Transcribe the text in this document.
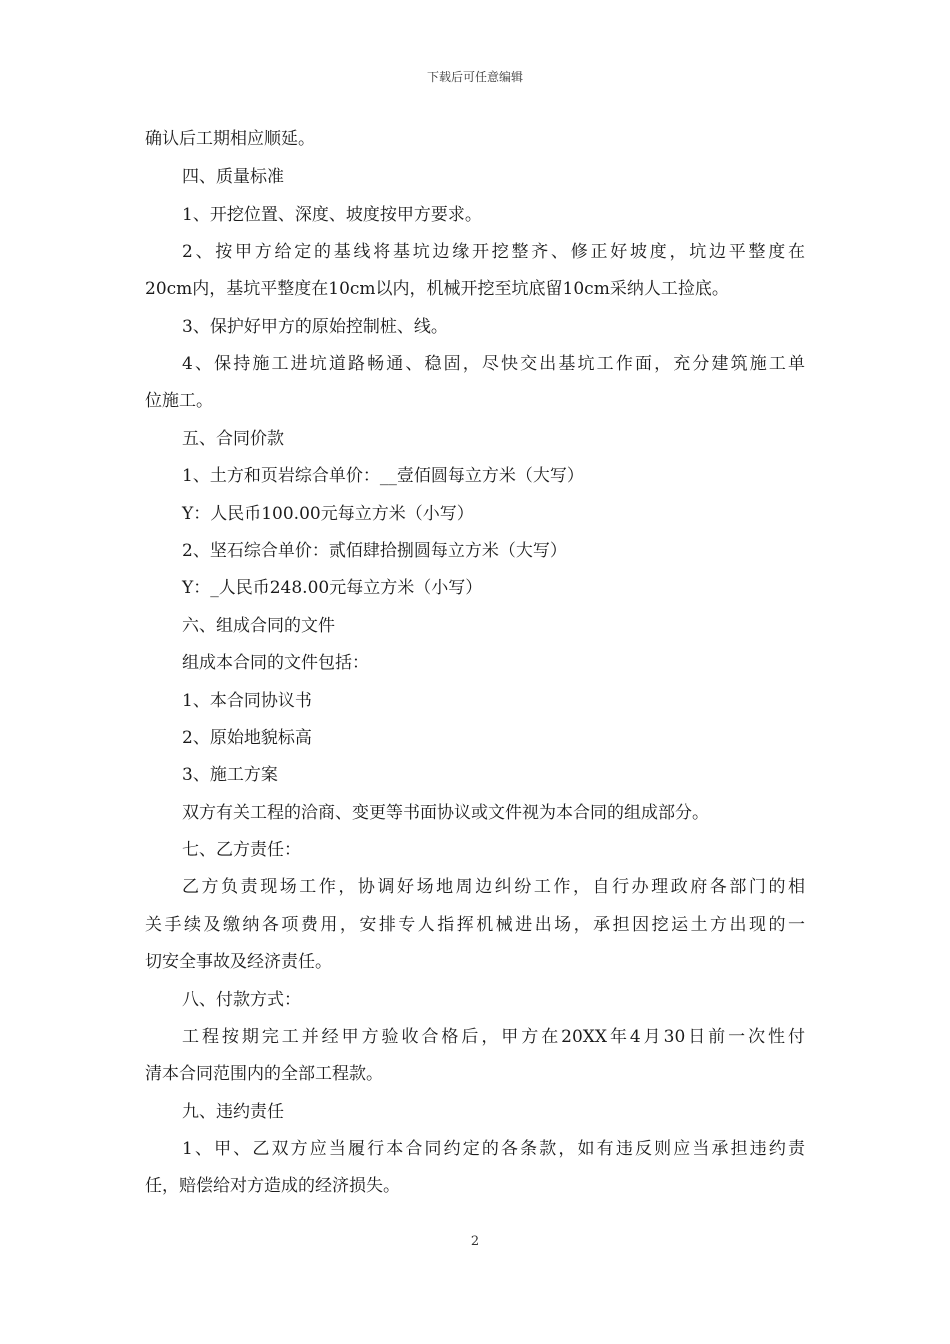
下载后可任意编辑
确认后工期相应顺延。
四、质量标准
1、开挖位置、深度、坡度按甲方要求。
2、按甲方给定的基线将基坑边缘开挖整齐、修正好坡度，坑边平整度在
20cm内，基坑平整度在10cm以内，机械开挖至坑底留10cm采纳人工捡底。
3、保护好甲方的原始控制桩、线。
4、保持施工进坑道路畅通、稳固，尽快交出基坑工作面，充分建筑施工单
位施工。
五、合同价款
1、土方和页岩综合单价：__壹佰圆每立方米（大写）
Y：人民币100.00元每立方米（小写）
2、坚石综合单价：贰佰肆拾捌圆每立方米（大写）
Y：_人民币248.00元每立方米（小写）
六、组成合同的文件
组成本合同的文件包括：
1、本合同协议书
2、原始地貌标高
3、施工方案
双方有关工程的洽商、变更等书面协议或文件视为本合同的组成部分。
七、乙方责任：
乙方负责现场工作，协调好场地周边纠纷工作，自行办理政府各部门的相
关手续及缴纳各项费用，安排专人指挥机械进出场，承担因挖运土方出现的一
切安全事故及经济责任。
八、付款方式：
工程按期完工并经甲方验收合格后，甲方在20XX年4月30日前一次性付
清本合同范围内的全部工程款。
九、违约责任
1、甲、乙双方应当履行本合同约定的各条款，如有违反则应当承担违约责
任，赔偿给对方造成的经济损失。
2
